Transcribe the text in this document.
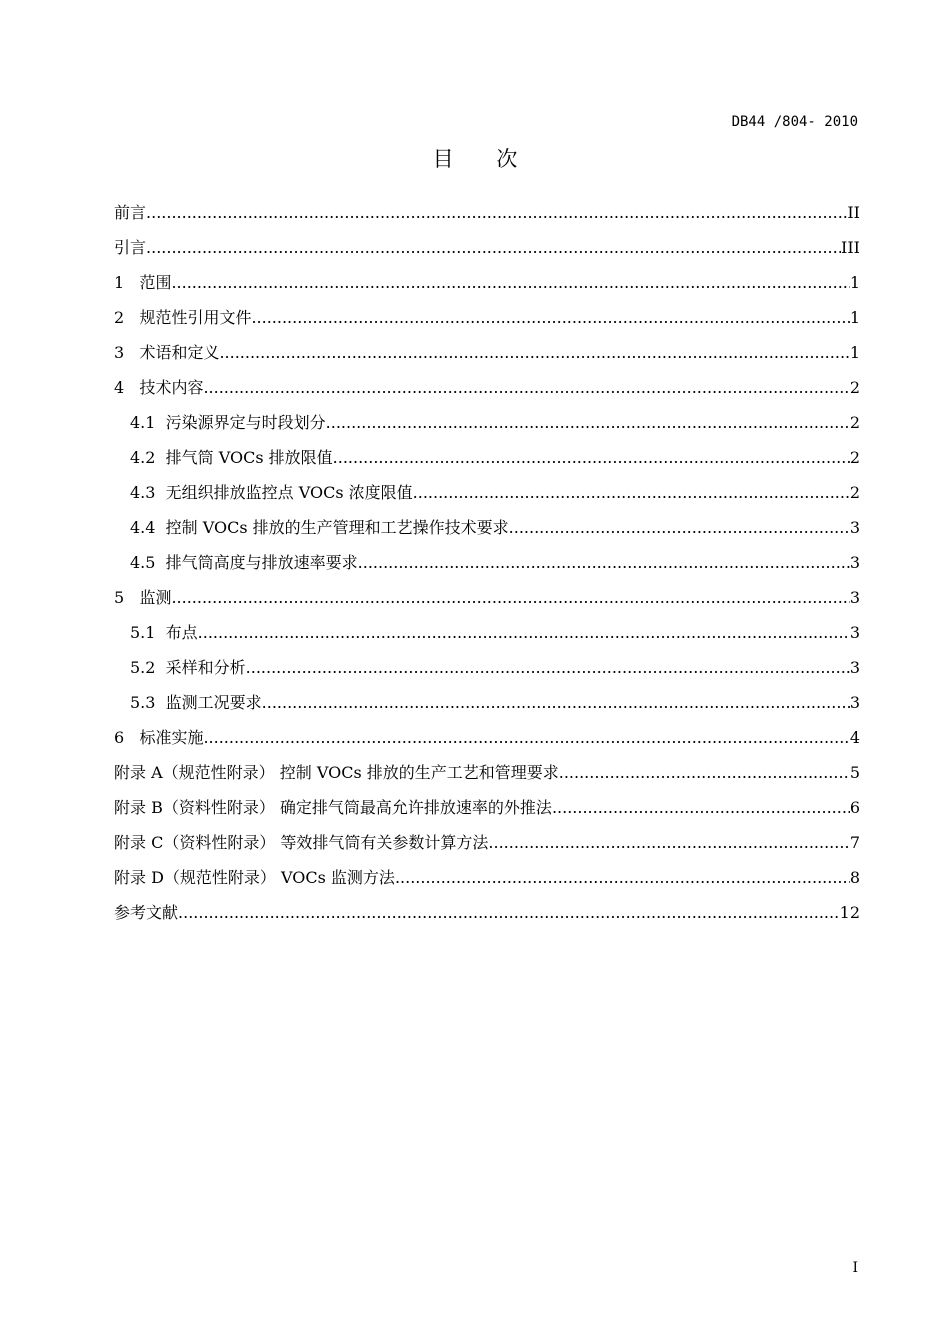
DB44 /804- 2010
目 次
前言 .....	II
引言 .....	III
1 范围 .....	1
2 规范性引用文件 .....	1
3 术语和定义 .....	1
4 技术内容 .....	2
4.1 污染源界定与时段划分 .....	2
4.2 排气筒 VOCs 排放限值 .....	2
4.3 无组织排放监控点 VOCs 浓度限值 .....	2
4.4 控制 VOCs 排放的生产管理和工艺操作技术要求 .....	3
4.5 排气筒高度与排放速率要求 .....	3
5 监测 .....	3
5.1 布点 .....	3
5.2 采样和分析 .....	3
5.3 监测工况要求 .....	3
6 标准实施 .....	4
附录 A（规范性附录） 控制 VOCs 排放的生产工艺和管理要求 .....	5
附录 B（资料性附录） 确定排气筒最高允许排放速率的外推法 .....	6
附录 C（资料性附录） 等效排气筒有关参数计算方法 .....	7
附录 D（规范性附录） VOCs 监测方法 .....	8
参考文献 .....	12
I
